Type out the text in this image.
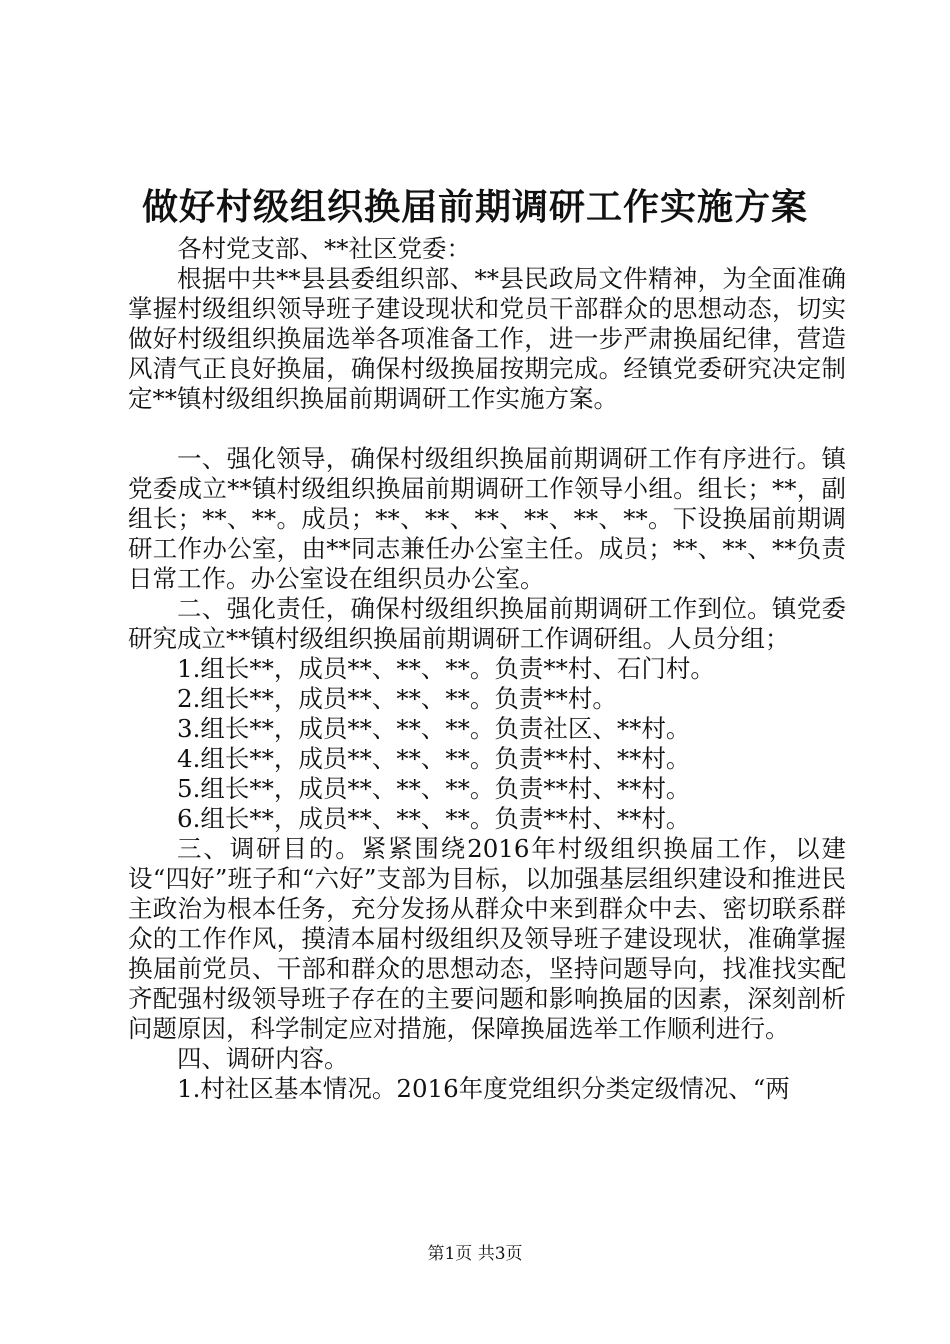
做好村级组织换届前期调研工作实施方案

各村党支部、**社区党委：

根据中共**县县委组织部、**县民政局文件精神，为全面准确掌握村级组织领导班子建设现状和党员干部群众的思想动态，切实做好村级组织换届选举各项准备工作，进一步严肃换届纪律，营造风清气正良好换届，确保村级换届按期完成。经镇党委研究决定制定**镇村级组织换届前期调研工作实施方案。

一、强化领导，确保村级组织换届前期调研工作有序进行。镇党委成立**镇村级组织换届前期调研工作领导小组。组长；**，副组长；**、**。成员；**、**、**、**、**、**。下设换届前期调研工作办公室，由**同志兼任办公室主任。成员；**、**、**负责日常工作。办公室设在组织员办公室。

二、强化责任，确保村级组织换届前期调研工作到位。镇党委研究成立**镇村级组织换届前期调研工作调研组。人员分组；

1.组长**，成员**、**、**。负责**村、石门村。

2.组长**，成员**、**、**。负责**村。

3.组长**，成员**、**、**。负责社区、**村。

4.组长**，成员**、**、**。负责**村、**村。

5.组长**，成员**、**、**。负责**村、**村。

6.组长**，成员**、**、**。负责**村、**村。

三、调研目的。紧紧围绕2016年村级组织换届工作，以建设“四好”班子和“六好”支部为目标，以加强基层组织建设和推进民主政治为根本任务，充分发扬从群众中来到群众中去、密切联系群众的工作作风，摸清本届村级组织及领导班子建设现状，准确掌握换届前党员、干部和群众的思想动态，坚持问题导向，找准找实配齐配强村级领导班子存在的主要问题和影响换届的因素，深刻剖析问题原因，科学制定应对措施，保障换届选举工作顺利进行。

四、调研内容。

1.村社区基本情况。2016年度党组织分类定级情况、“两

第1页 共3页
